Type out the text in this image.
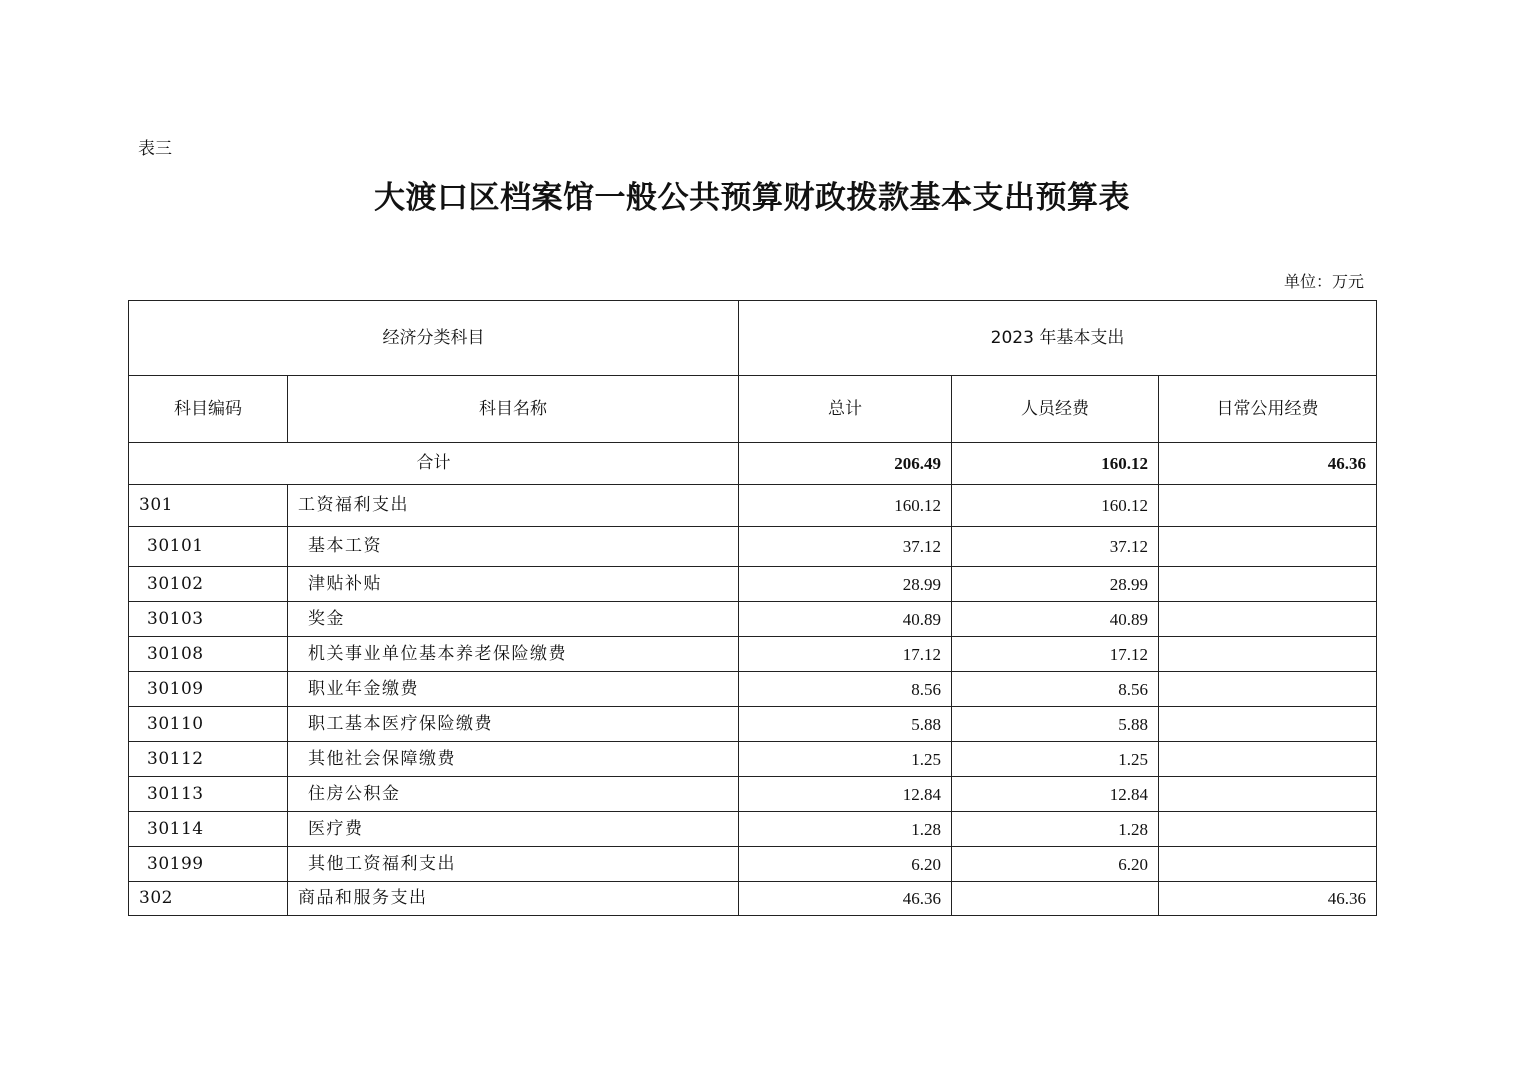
表三
大渡口区档案馆一般公共预算财政拨款基本支出预算表
单位：万元
经济分类科目		2023 年基本支出		
科目编码	科目名称	总计	人员经费	日常公用经费
合计		206.49	160.12	46.36
301	工资福利支出	160.12	160.12	
30101	基本工资	37.12	37.12	
30102	津贴补贴	28.99	28.99	
30103	奖金	40.89	40.89	
30108	机关事业单位基本养老保险缴费	17.12	17.12	
30109	职业年金缴费	8.56	8.56	
30110	职工基本医疗保险缴费	5.88	5.88	
30112	其他社会保障缴费	1.25	1.25	
30113	住房公积金	12.84	12.84	
30114	医疗费	1.28	1.28	
30199	其他工资福利支出	6.20	6.20	
302	商品和服务支出	46.36		46.36
